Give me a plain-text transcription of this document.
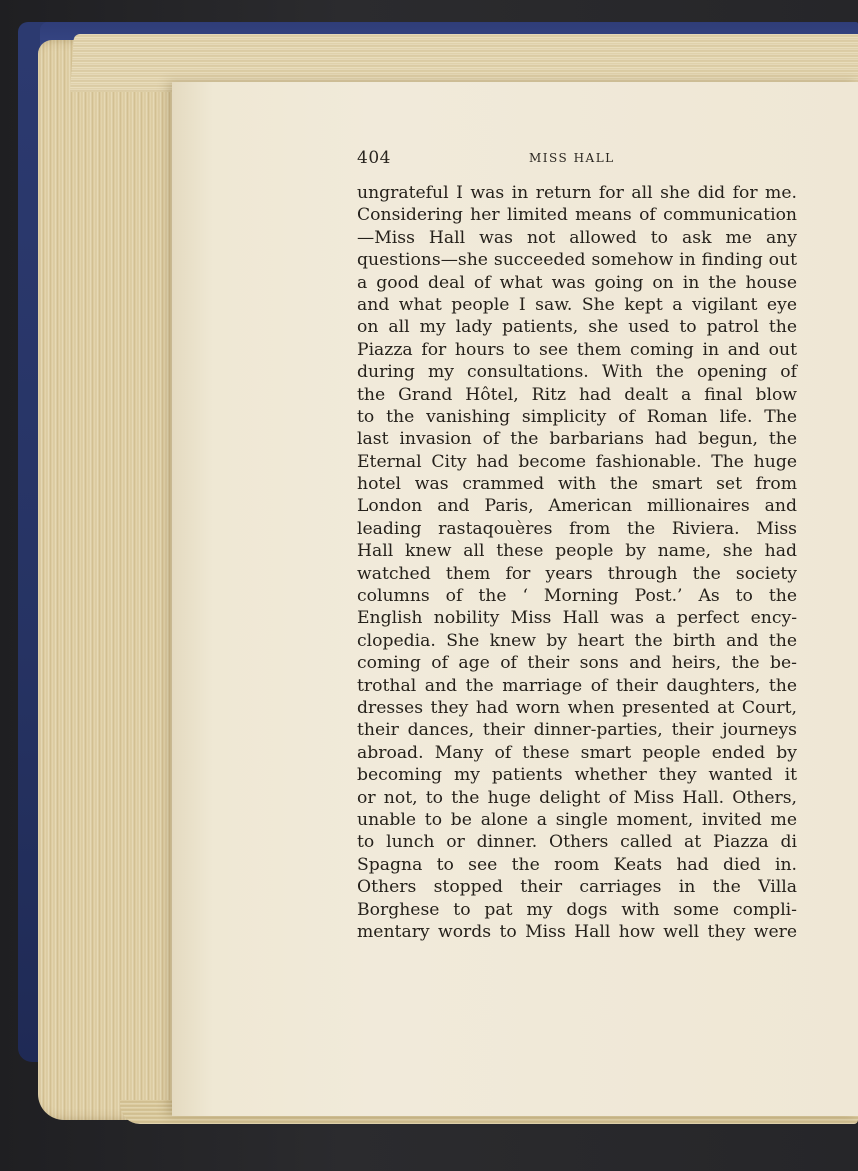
404	MISS HALL
ungrateful I was in return for all she did for me.
Considering her limited means of communication
—Miss Hall was not allowed to ask me any
questions—she succeeded somehow in finding out
a good deal of what was going on in the house
and what people I saw. She kept a vigilant eye
on all my lady patients, she used to patrol the
Piazza for hours to see them coming in and out
during my consultations. With the opening of
the Grand Hôtel, Ritz had dealt a final blow
to the vanishing simplicity of Roman life. The
last invasion of the barbarians had begun, the
Eternal City had become fashionable. The huge
hotel was crammed with the smart set from
London and Paris, American millionaires and
leading rastaqouères from the Riviera. Miss
Hall knew all these people by name, she had
watched them for years through the society
columns of the ‘ Morning Post.’ As to the
English nobility Miss Hall was a perfect ency-
clopedia. She knew by heart the birth and the
coming of age of their sons and heirs, the be-
trothal and the marriage of their daughters, the
dresses they had worn when presented at Court,
their dances, their dinner-parties, their journeys
abroad. Many of these smart people ended by
becoming my patients whether they wanted it
or not, to the huge delight of Miss Hall. Others,
unable to be alone a single moment, invited me
to lunch or dinner. Others called at Piazza di
Spagna to see the room Keats had died in.
Others stopped their carriages in the Villa
Borghese to pat my dogs with some compli-
mentary words to Miss Hall how well they were
